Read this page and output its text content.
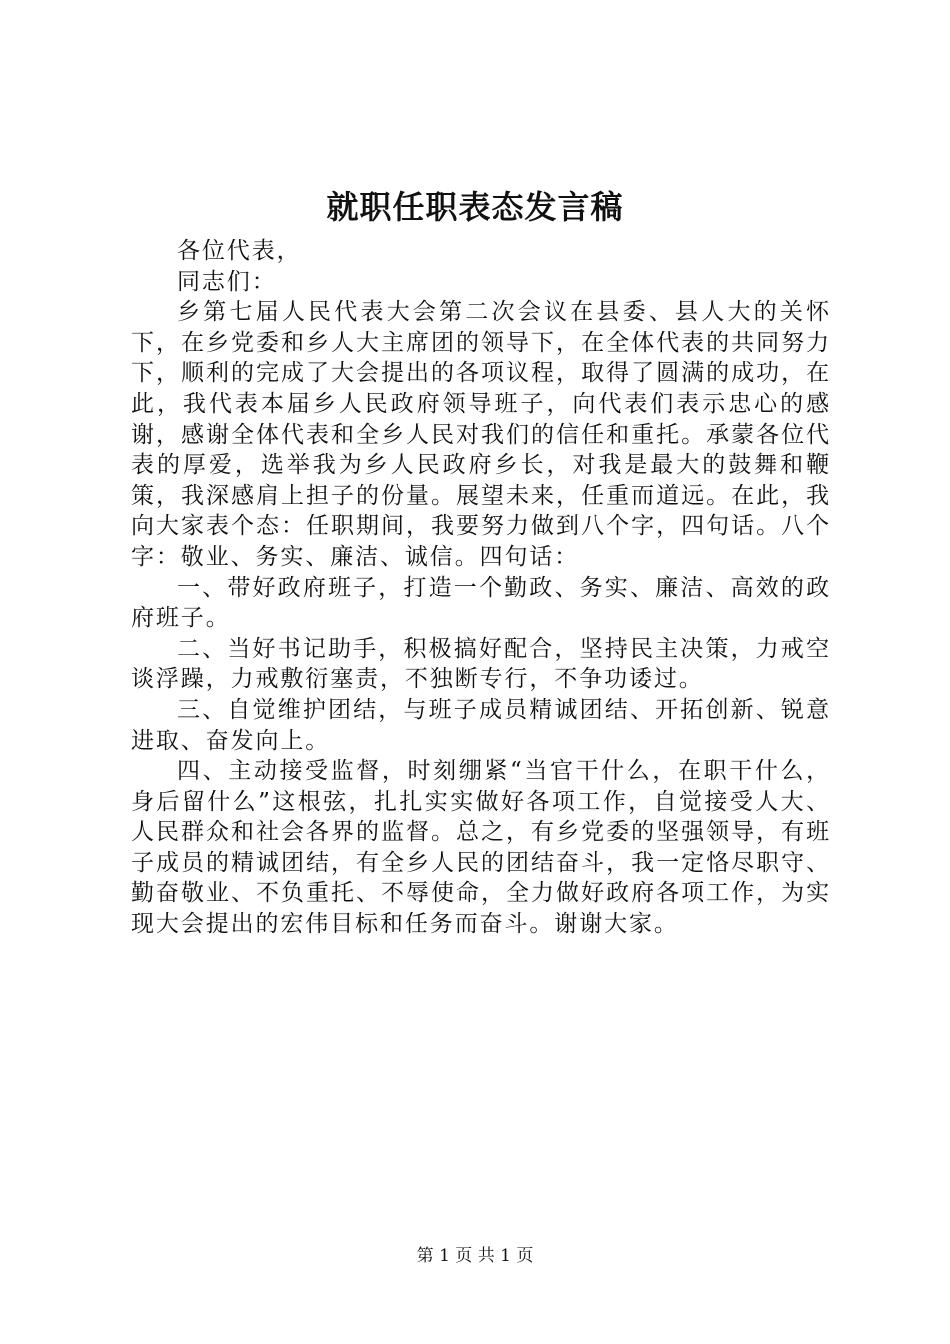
就职任职表态发言稿

各位代表，

同志们：

乡第七届人民代表大会第二次会议在县委、县人大的关怀下，在乡党委和乡人大主席团的领导下，在全体代表的共同努力下，顺利的完成了大会提出的各项议程，取得了圆满的成功，在此，我代表本届乡人民政府领导班子，向代表们表示忠心的感谢，感谢全体代表和全乡人民对我们的信任和重托。承蒙各位代表的厚爱，选举我为乡人民政府乡长，对我是最大的鼓舞和鞭策，我深感肩上担子的份量。展望未来，任重而道远。在此，我向大家表个态：任职期间，我要努力做到八个字，四句话。八个字：敬业、务实、廉洁、诚信。四句话：

一、带好政府班子，打造一个勤政、务实、廉洁、高效的政府班子。

二、当好书记助手，积极搞好配合，坚持民主决策，力戒空谈浮躁，力戒敷衍塞责，不独断专行，不争功诿过。

三、自觉维护团结，与班子成员精诚团结、开拓创新、锐意进取、奋发向上。

四、主动接受监督，时刻绷紧“当官干什么，在职干什么，身后留什么”这根弦，扎扎实实做好各项工作，自觉接受人大、人民群众和社会各界的监督。总之，有乡党委的坚强领导，有班子成员的精诚团结，有全乡人民的团结奋斗，我一定恪尽职守、勤奋敬业、不负重托、不辱使命，全力做好政府各项工作，为实现大会提出的宏伟目标和任务而奋斗。谢谢大家。

第 1 页 共 1 页
